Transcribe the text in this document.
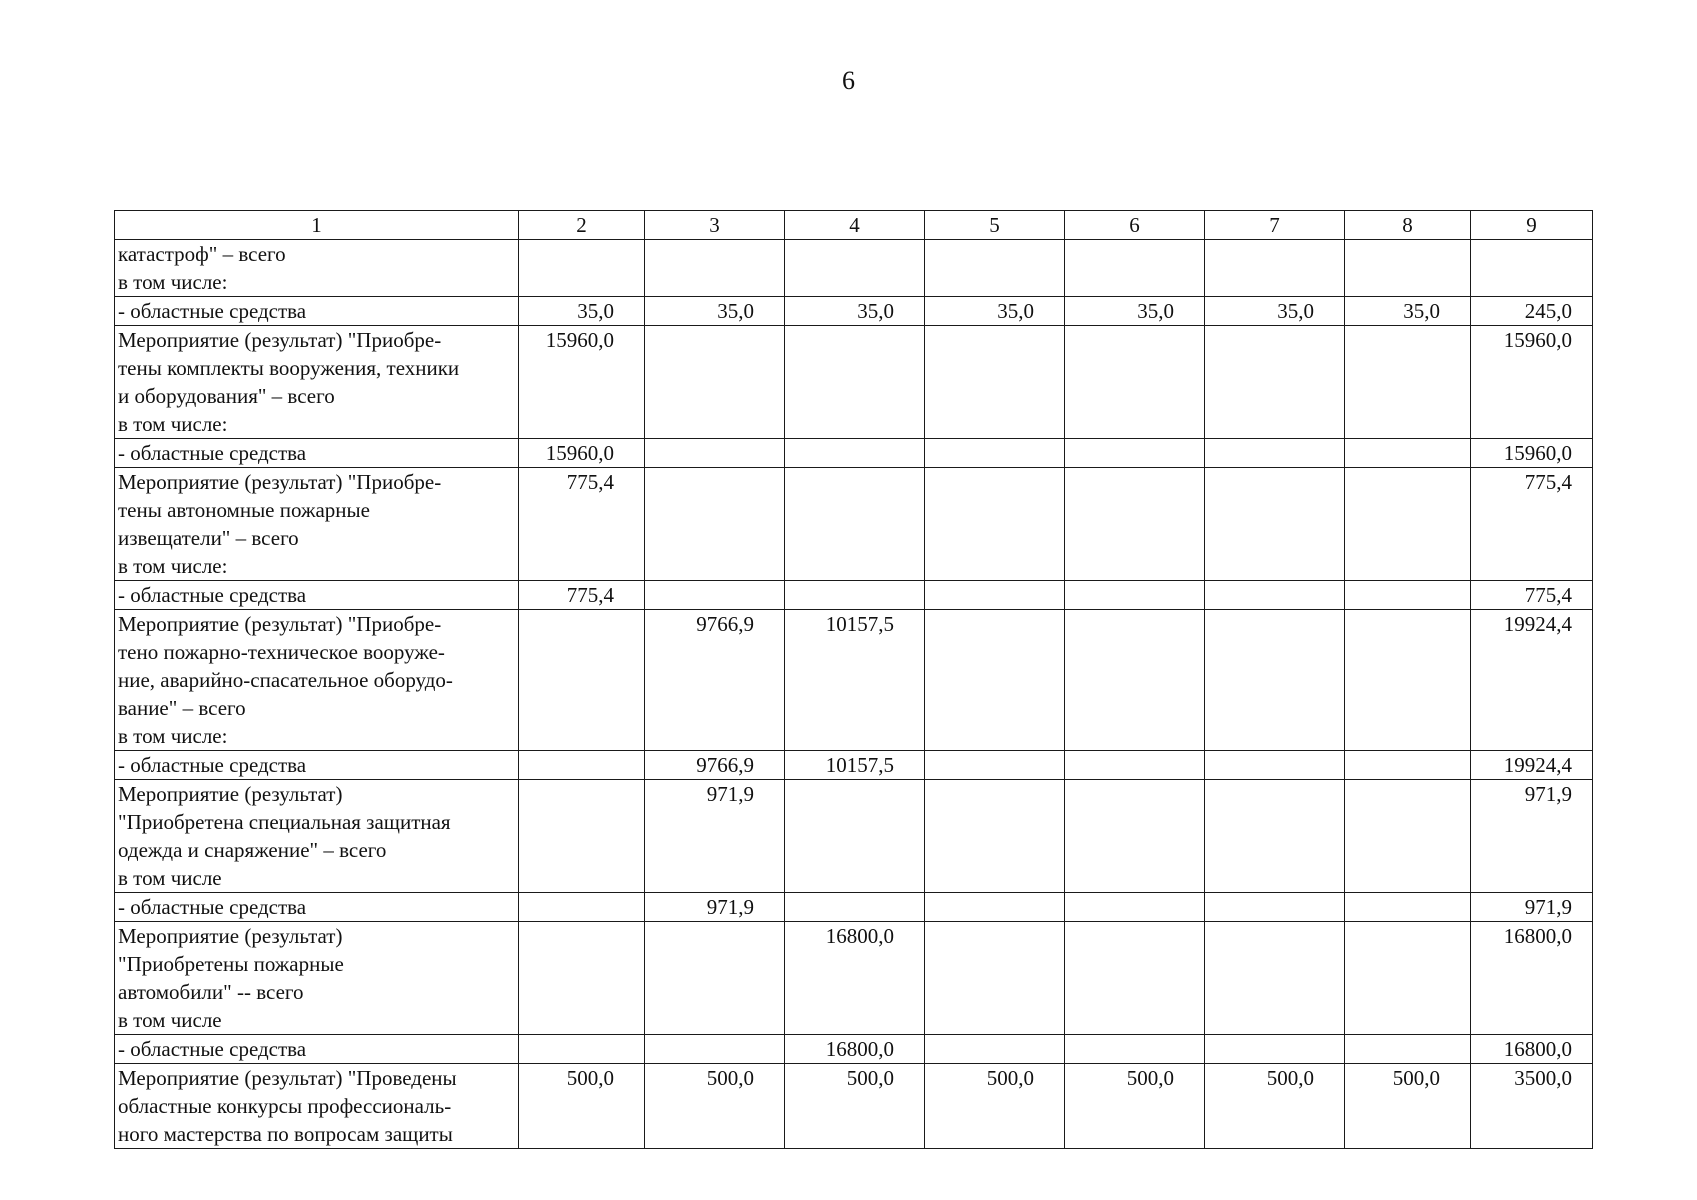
6
1	2	3	4	5	6	7	8	9
катастроф" – всего
в том числе:								
- областные средства	35,0	35,0	35,0	35,0	35,0	35,0	35,0	245,0
Мероприятие (результат) "Приобре-
тены комплекты вооружения, техники
и оборудования" – всего
в том числе:	15960,0							15960,0
- областные средства	15960,0							15960,0
Мероприятие (результат) "Приобре-
тены автономные пожарные
извещатели" – всего
в том числе:	775,4							775,4
- областные средства	775,4							775,4
Мероприятие (результат) "Приобре-
тено пожарно-техническое вооруже-
ние, аварийно-спасательное оборудо-
вание" – всего
в том числе:		9766,9	10157,5					19924,4
- областные средства		9766,9	10157,5					19924,4
Мероприятие (результат)
"Приобретена специальная защитная
одежда и снаряжение" – всего
в том числе		971,9						971,9
- областные средства		971,9						971,9
Мероприятие (результат)
"Приобретены пожарные
автомобили" -- всего
в том числе			16800,0					16800,0
- областные средства			16800,0					16800,0
Мероприятие (результат) "Проведены
областные конкурсы профессиональ-
ного мастерства по вопросам защиты	500,0	500,0	500,0	500,0	500,0	500,0	500,0	3500,0
